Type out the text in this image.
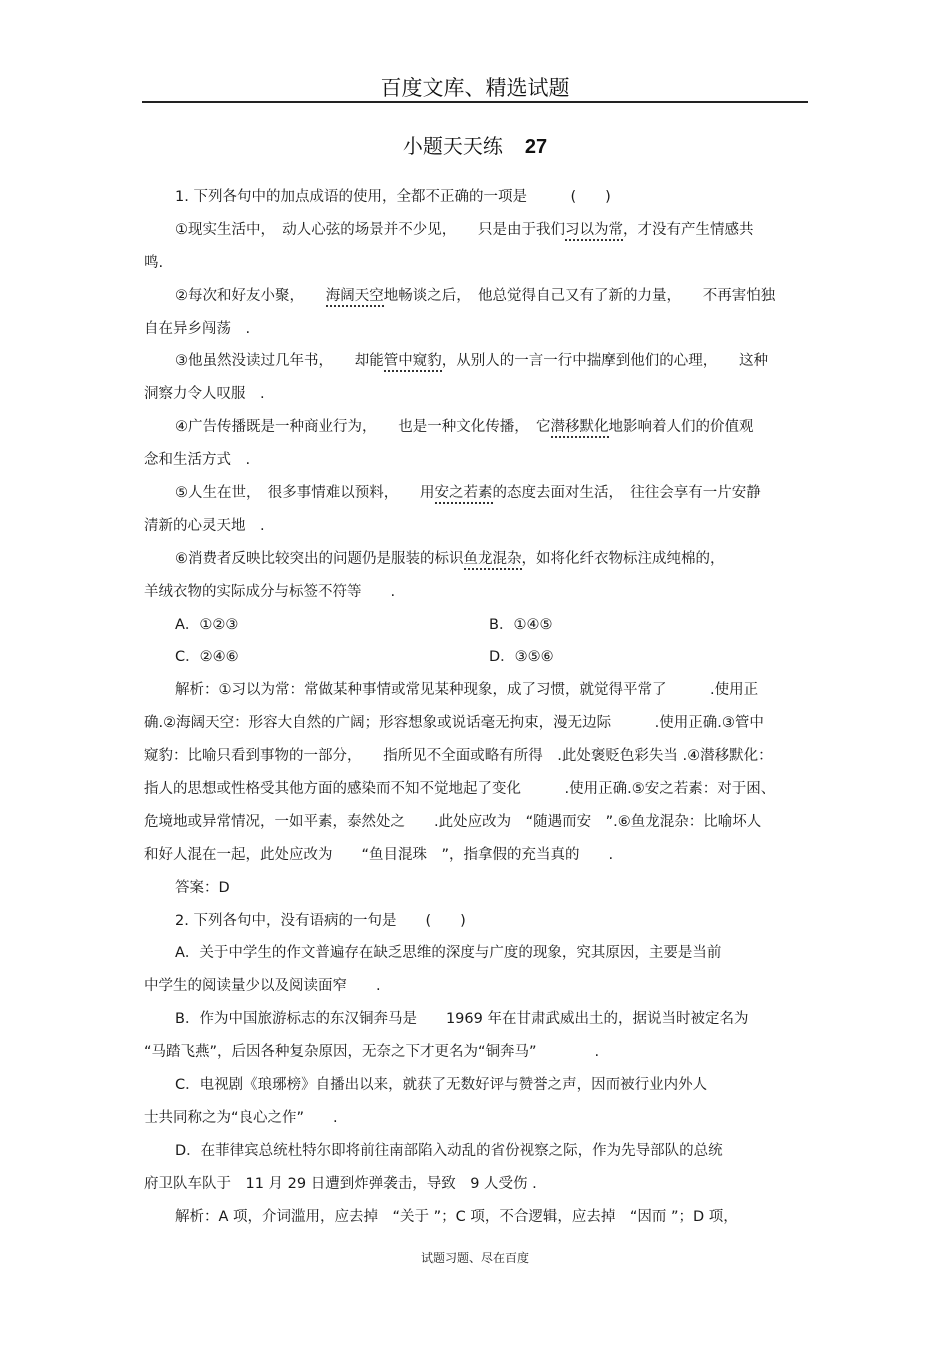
百度文库、精选试题
小题天天练 27
1. 下列各句中的加点成语的使用，全都不正确的一项是　　　(　　)
①现实生活中，　动人心弦的场景并不少见，　　只是由于我们习以为常，才没有产生情感共
鸣.
②每次和好友小聚，　　海阔天空地畅谈之后，　他总觉得自己又有了新的力量，　　不再害怕独
自在异乡闯荡　.
③他虽然没读过几年书，　　却能管中窥豹，从别人的一言一行中揣摩到他们的心理，　　这种
洞察力令人叹服　.
④广告传播既是一种商业行为，　　也是一种文化传播，　它潜移默化地影响着人们的价值观
念和生活方式　.
⑤人生在世，　很多事情难以预料，　　用安之若素的态度去面对生活，　往往会享有一片安静
清新的心灵天地　.
⑥消费者反映比较突出的问题仍是服装的标识鱼龙混杂，如将化纤衣物标注成纯棉的，
羊绒衣物的实际成分与标签不符等　　.
A．①②③	B．①④⑤
C．②④⑥	D．③⑤⑥
解析：①习以为常：常做某种事情或常见某种现象，成了习惯，就觉得平常了　　　.使用正
确.②海阔天空：形容大自然的广阔；形容想象或说话毫无拘束，漫无边际　　　.使用正确.③管中
窥豹：比喻只看到事物的一部分，　　指所见不全面或略有所得　.此处褒贬色彩失当 .④潜移默化：
指人的思想或性格受其他方面的感染而不知不觉地起了变化　　　.使用正确.⑤安之若素：对于困、
危境地或异常情况，一如平素，泰然处之　　.此处应改为　“随遇而安　”.⑥鱼龙混杂：比喻坏人
和好人混在一起，此处应改为　　“鱼目混珠　”，指拿假的充当真的　　.
答案：D
2. 下列各句中，没有语病的一句是　　(　　)
A．关于中学生的作文普遍存在缺乏思维的深度与广度的现象，究其原因，主要是当前
中学生的阅读量少以及阅读面窄　　.
B．作为中国旅游标志的东汉铜奔马是　　1969 年在甘肃武威出土的，据说当时被定名为
“马踏飞燕”，后因各种复杂原因，无奈之下才更名为“铜奔马”　　　　.
C．电视剧《琅琊榜》自播出以来，就获了无数好评与赞誉之声，因而被行业内外人
士共同称之为“良心之作”　　.
D．在菲律宾总统杜特尔即将前往南部陷入动乱的省份视察之际，作为先导部队的总统
府卫队车队于　11 月 29 日遭到炸弹袭击，导致　9 人受伤 .
解析：A 项，介词滥用，应去掉　“关于 ”；C 项，不合逻辑，应去掉　“因而 ”；D 项，
试题习题、尽在百度
